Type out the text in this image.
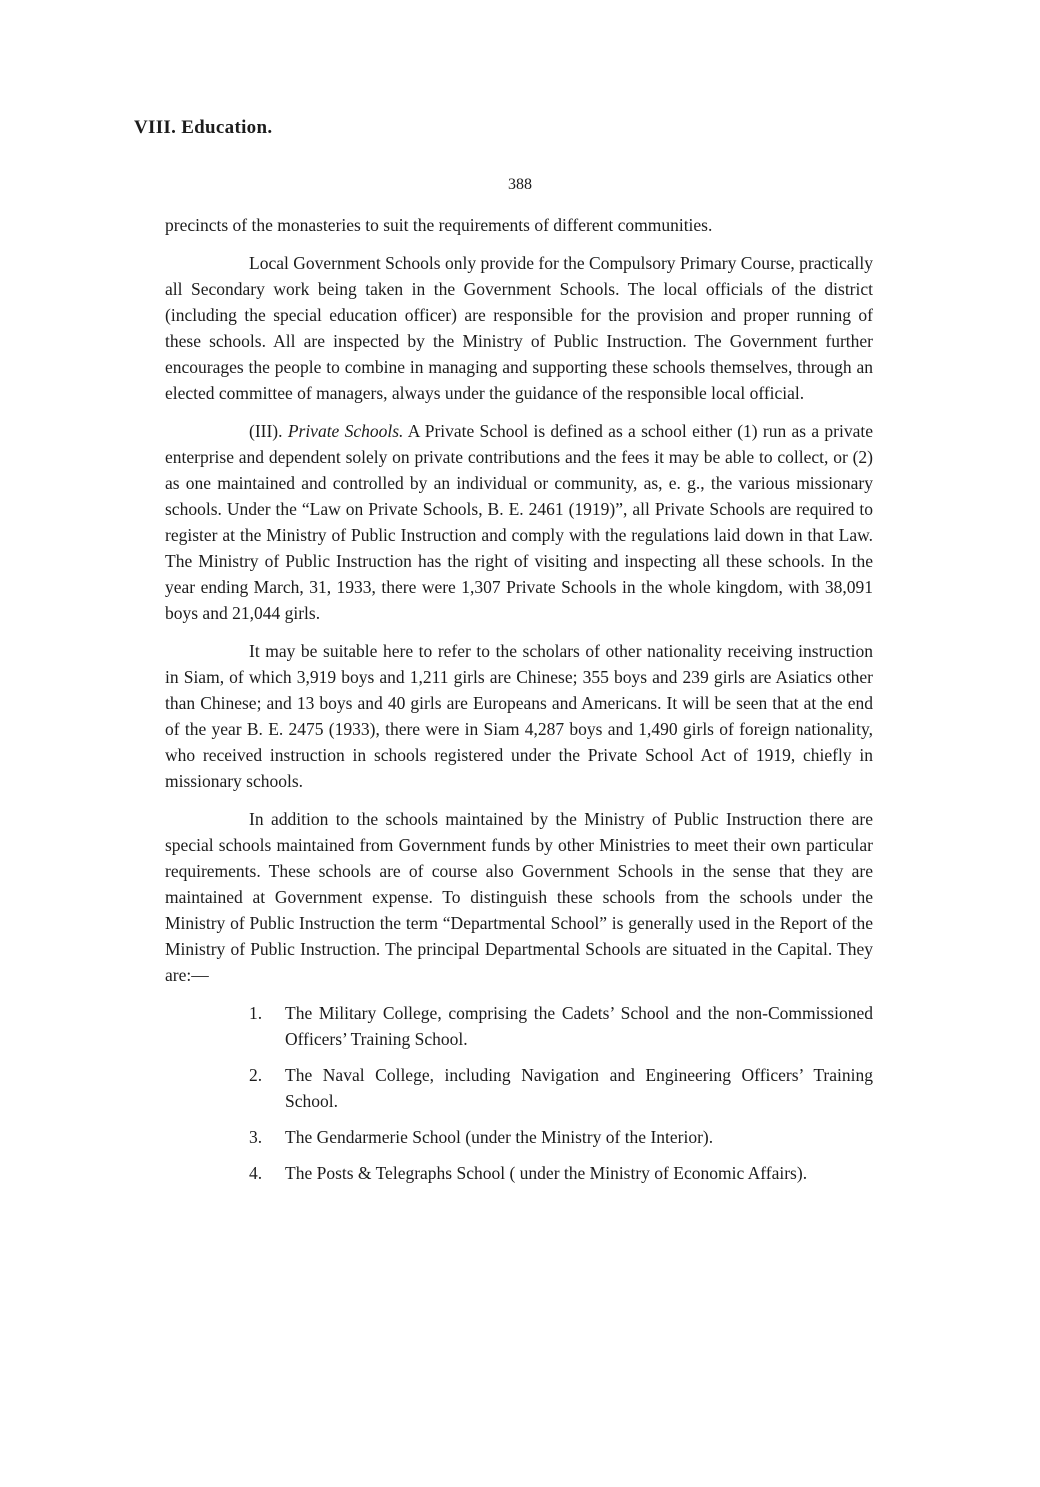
VIII. Education.
388

precincts of the monasteries to suit the requirements of different communities.

Local Government Schools only provide for the Compulsory Primary Course, practically all Secondary work being taken in the Government Schools. The local officials of the district (including the special education officer) are responsible for the provision and proper running of these schools. All are inspected by the Ministry of Public Instruction. The Government further encourages the people to combine in managing and supporting these schools themselves, through an elected committee of managers, always under the guidance of the responsible local official.

(III). Private Schools. A Private School is defined as a school either (1) run as a private enterprise and dependent solely on private contributions and the fees it may be able to collect, or (2) as one maintained and controlled by an individual or community, as, e. g., the various missionary schools. Under the “Law on Private Schools, B. E. 2461 (1919)”, all Private Schools are required to register at the Ministry of Public Instruction and comply with the regulations laid down in that Law. The Ministry of Public Instruction has the right of visiting and inspecting all these schools. In the year ending March, 31, 1933, there were 1,307 Private Schools in the whole kingdom, with 38,091 boys and 21,044 girls.

It may be suitable here to refer to the scholars of other nationality receiving instruction in Siam, of which 3,919 boys and 1,211 girls are Chinese; 355 boys and 239 girls are Asiatics other than Chinese; and 13 boys and 40 girls are Europeans and Americans. It will be seen that at the end of the year B. E. 2475 (1933), there were in Siam 4,287 boys and 1,490 girls of foreign nationality, who received instruction in schools registered under the Private School Act of 1919, chiefly in missionary schools.

In addition to the schools maintained by the Ministry of Public Instruction there are special schools maintained from Government funds by other Ministries to meet their own particular requirements. These schools are of course also Government Schools in the sense that they are maintained at Government expense. To distinguish these schools from the schools under the Ministry of Public Instruction the term “Departmental School” is generally used in the Report of the Ministry of Public Instruction. The principal Departmental Schools are situated in the Capital. They are:—

1. The Military College, comprising the Cadets’ School and the non-Commissioned Officers’ Training School.
2. The Naval College, including Navigation and Engineering Officers’ Training School.
3. The Gendarmerie School (under the Ministry of the Interior).
4. The Posts & Telegraphs School ( under the Ministry of Economic Affairs).
